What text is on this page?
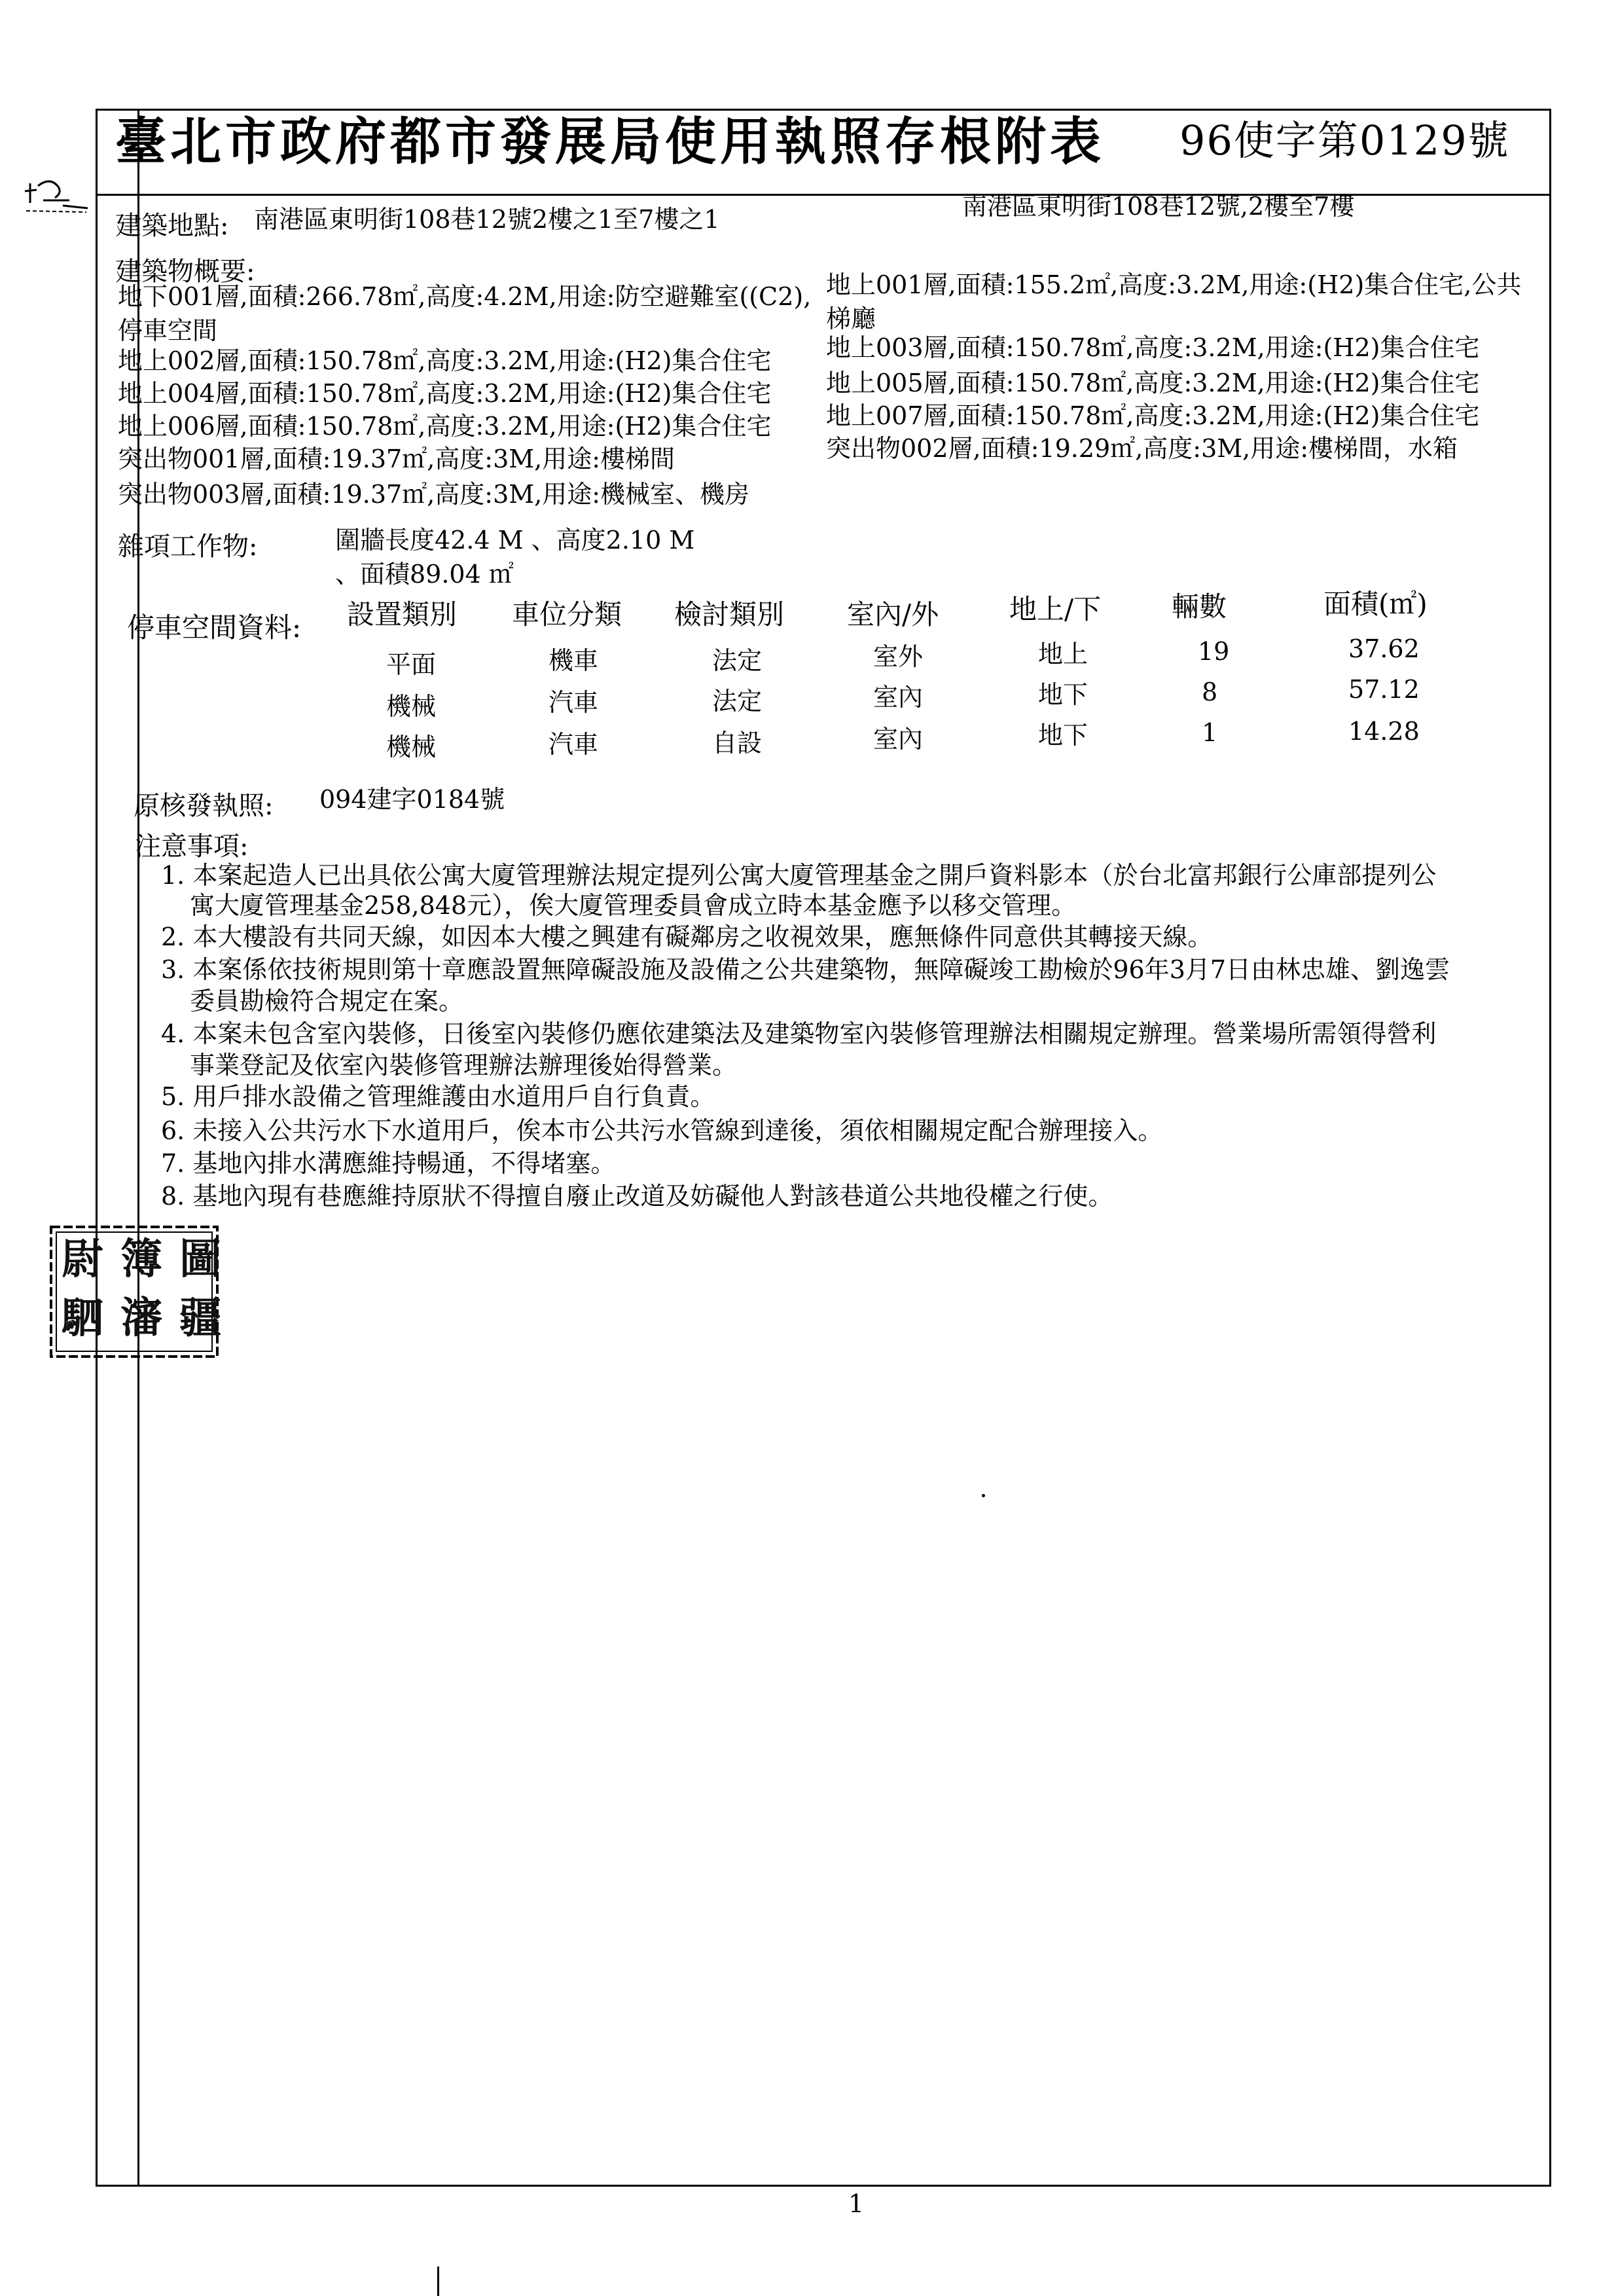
臺北市政府都市發展局使用執照存根附表 96使字第0129號
建築地點: 南港區東明街108巷12號2樓之1至7樓之1	南港區東明街108巷12號,2樓至7樓
建築物概要:
地下001層,面積:266.78㎡,高度:4.2M,用途:防空避難室((C2),
停車空間
地上002層,面積:150.78㎡,高度:3.2M,用途:(H2)集合住宅
地上004層,面積:150.78㎡,高度:3.2M,用途:(H2)集合住宅
地上006層,面積:150.78㎡,高度:3.2M,用途:(H2)集合住宅
突出物001層,面積:19.37㎡,高度:3M,用途:樓梯間
突出物003層,面積:19.37㎡,高度:3M,用途:機械室、機房
地上001層,面積:155.2㎡,高度:3.2M,用途:(H2)集合住宅,公共
梯廳
地上003層,面積:150.78㎡,高度:3.2M,用途:(H2)集合住宅
地上005層,面積:150.78㎡,高度:3.2M,用途:(H2)集合住宅
地上007層,面積:150.78㎡,高度:3.2M,用途:(H2)集合住宅
突出物002層,面積:19.29㎡,高度:3M,用途:樓梯間，水箱
雜項工作物:	圍牆長度42.4 M 、高度2.10 M
、面積89.04 ㎡
停車空間資料: 設置類別 車位分類 檢討類別 室內/外	地上/下	輛數	面積(㎡)
平面	機車	法定	室外	地上	19	37.62
機械	汽車	法定	室內	地下	8	57.12
機械	汽車	自設	室內	地下	1	14.28
原核發執照: 094建字0184號
注意事項:
1. 本案起造人已出具依公寓大廈管理辦法規定提列公寓大廈管理基金之開戶資料影本（於台北富邦銀行公庫部提列公
寓大廈管理基金258,848元），俟大廈管理委員會成立時本基金應予以移交管理。
2. 本大樓設有共同天線，如因本大樓之興建有礙鄰房之收視效果，應無條件同意供其轉接天線。
3. 本案係依技術規則第十章應設置無障礙設施及設備之公共建築物，無障礙竣工勘檢於96年3月7日由林忠雄、劉逸雲
委員勘檢符合規定在案。
4. 本案未包含室內裝修，日後室內裝修仍應依建築法及建築物室內裝修管理辦法相關規定辦理。營業場所需領得營利
事業登記及依室內裝修管理辦法辦理後始得營業。
5. 用戶排水設備之管理維護由水道用戶自行負責。
6. 未接入公共污水下水道用戶，俟本市公共污水管線到達後，須依相關規定配合辦理接入。
7. 基地內排水溝應維持暢通，不得堵塞。
8. 基地內現有巷應維持原狀不得擅自廢止改道及妨礙他人對該巷道公共地役權之行使。
圖
簿
尉
疆
瀋
駟
1
